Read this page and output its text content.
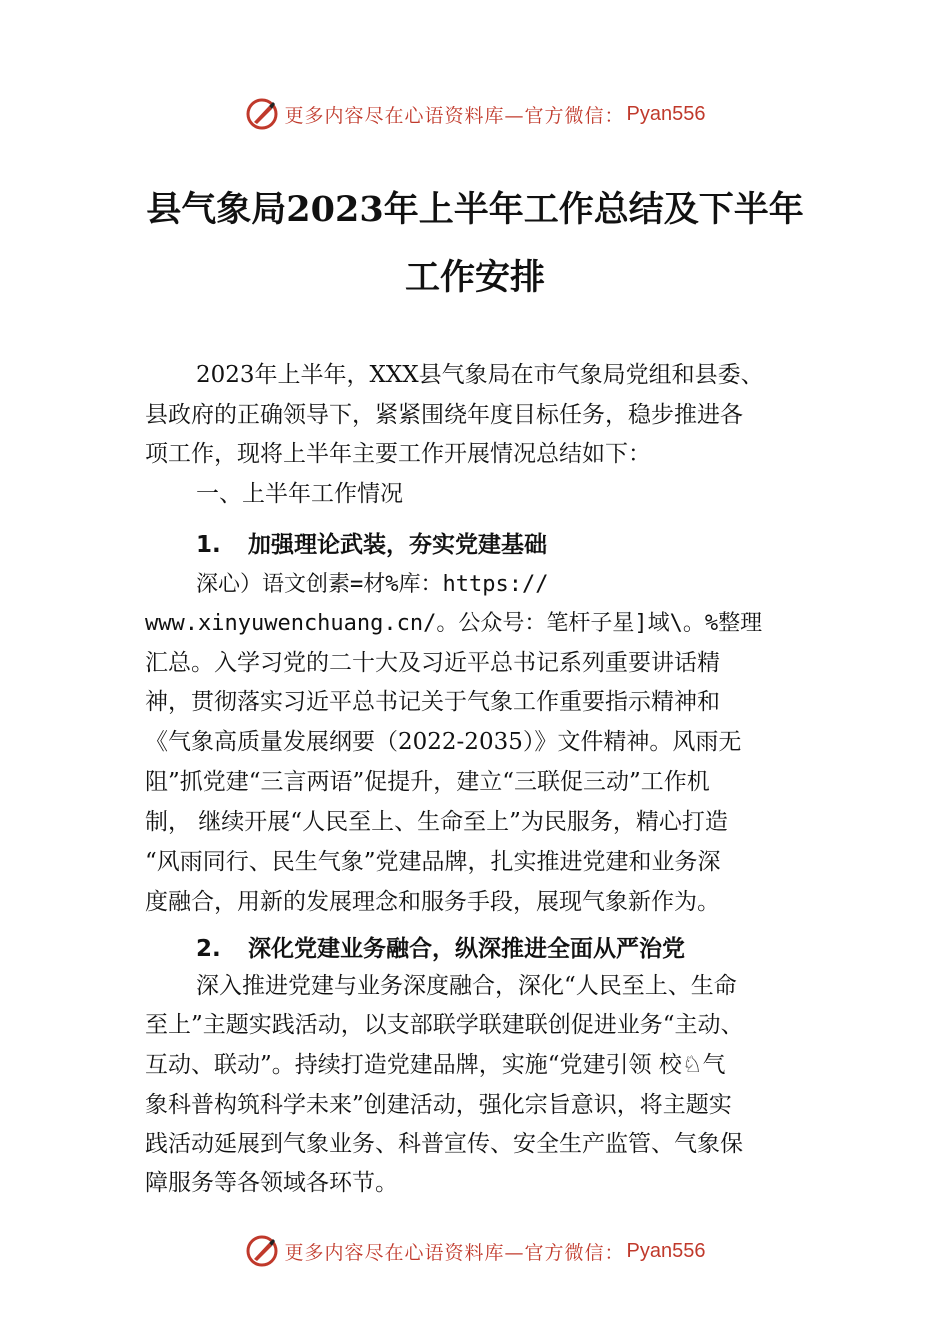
更多内容尽在心语资料库—官方微信： Pyan556
县气象局2023年上半年工作总结及下半年
工作安排
2023年上半年，XXX县气象局在市气象局党组和县委、
县政府的正确领导下，紧紧围绕年度目标任务，稳步推进各
项工作，现将上半年主要工作开展情况总结如下：
一、上半年工作情况
1. 加强理论武装，夯实党建基础
深心）语文创素=材%库：https://
www.xinyuwenchuang.cn/。公众号：笔杆子星]域\。%整理
汇总。入学习党的二十大及习近平总书记系列重要讲话精
神，贯彻落实习近平总书记关于气象工作重要指示精神和
《气象高质量发展纲要（2022-2035）》文件精神。风雨无
阻”抓党建“三言两语”促提升，建立“三联促三动”工作机
制， 继续开展“人民至上、生命至上”为民服务，精心打造
“风雨同行、民生气象”党建品牌，扎实推进党建和业务深
度融合，用新的发展理念和服务手段，展现气象新作为。
2. 深化党建业务融合，纵深推进全面从严治党
深入推进党建与业务深度融合，深化“人民至上、生命
至上”主题实践活动，以支部联学联建联创促进业务“主动、
互动、联动”。持续打造党建品牌，实施“党建引领 校♘气
象科普构筑科学未来”创建活动，强化宗旨意识，将主题实
践活动延展到气象业务、科普宣传、安全生产监管、气象保
障服务等各领域各环节。
更多内容尽在心语资料库—官方微信： Pyan556
